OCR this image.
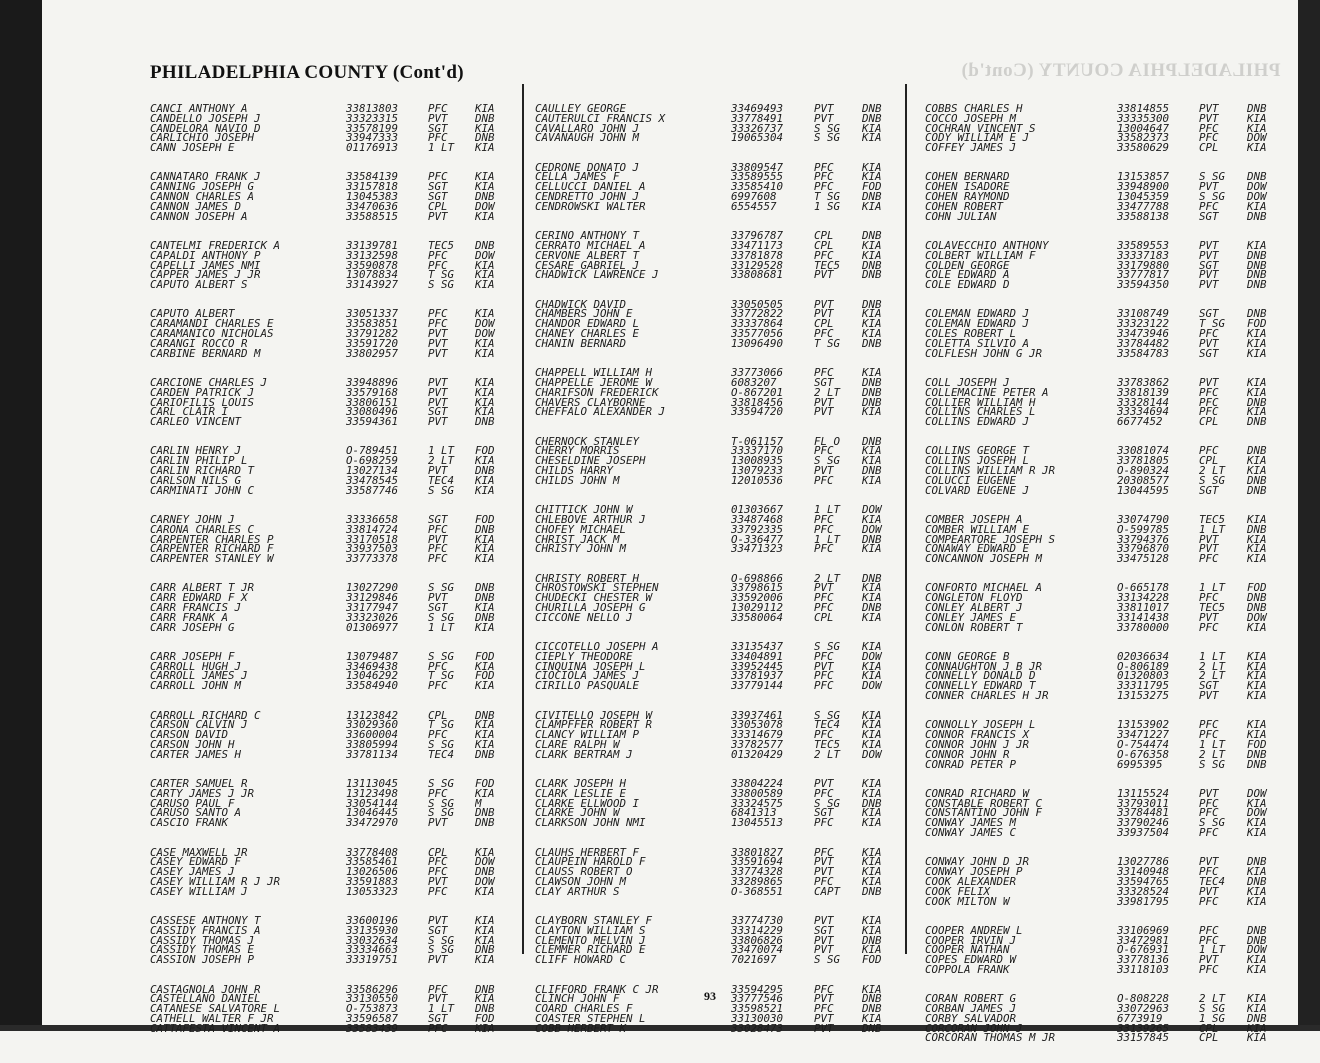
PHILADELPHIA COUNTY (Cont'd)
PHILADELPHIA COUNTY (Cont'd)
CANCI ANTHONY A	33813803	PFC	KIA
CANDELLO JOSEPH J	33323315	PVT	DNB
CANDELORA NAVIO D	33578199	SGT	KIA
CARLICHIO JOSEPH	33947333	PFC	DNB
CANN JOSEPH E	01176913	1 LT	KIA
CANNATARO FRANK J	33584139	PFC	KIA
CANNING JOSEPH G	33157818	SGT	KIA
CANNON CHARLES A	13045383	SGT	DNB
CANNON JAMES D	33470636	CPL	DOW
CANNON JOSEPH A	33588515	PVT	KIA
CANTELMI FREDERICK A	33139781	TEC5	DNB
CAPALDI ANTHONY P	33132598	PFC	DOW
CAPELLI JAMES NMI	33590878	PFC	KIA
CAPPER JAMES J JR	13078834	T SG	KIA
CAPUTO ALBERT S	33143927	S SG	KIA
CAPUTO ALBERT	33051337	PFC	KIA
CARAMANDI CHARLES E	33583851	PFC	DOW
CARAMANICO NICHOLAS	33791282	PVT	DOW
CARANGI ROCCO R	33591720	PVT	KIA
CARBINE BERNARD M	33802957	PVT	KIA
CARCIONE CHARLES J	33948896	PVT	KIA
CARDEN PATRICK J	33579168	PVT	KIA
CARIOFILIS LOUIS	33806151	PVT	KIA
CARL CLAIR I	33080496	SGT	KIA
CARLEO VINCENT	33594361	PVT	DNB
CARLIN HENRY J	O-789451	1 LT	FOD
CARLIN PHILIP L	O-698259	2 LT	KIA
CARLIN RICHARD T	13027134	PVT	DNB
CARLSON NILS G	33478545	TEC4	KIA
CARMINATI JOHN C	33587746	S SG	KIA
CARNEY JOHN J	33336658	SGT	FOD
CARONA CHARLES C	33814724	PFC	DNB
CARPENTER CHARLES P	33170518	PVT	KIA
CARPENTER RICHARD F	33937503	PFC	KIA
CARPENTER STANLEY W	33773378	PFC	KIA
CARR ALBERT T JR	13027290	S SG	DNB
CARR EDWARD F X	33129846	PVT	DNB
CARR FRANCIS J	33177947	SGT	KIA
CARR FRANK A	33323026	S SG	DNB
CARR JOSEPH G	01306977	1 LT	KIA
CARR JOSEPH F	13079487	S SG	FOD
CARROLL HUGH J	33469438	PFC	KIA
CARROLL JAMES J	13046292	T SG	FOD
CARROLL JOHN M	33584940	PFC	KIA
CARROLL RICHARD C	13123842	CPL	DNB
CARSON CALVIN J	33029360	T SG	KIA
CARSON DAVID	33600004	PFC	KIA
CARSON JOHN H	33805994	S SG	KIA
CARTER JAMES H	33781134	TEC4	DNB
CARTER SAMUEL R	13113045	S SG	FOD
CARTY JAMES J JR	13123498	PFC	KIA
CARUSO PAUL F	33054144	S SG	M
CARUSO SANTO A	13046445	S SG	DNB
CASCIO FRANK	33472970	PVT	DNB
CASE MAXWELL JR	33778408	CPL	KIA
CASEY EDWARD F	33585461	PFC	DOW
CASEY JAMES J	13026506	PFC	DNB
CASEY WILLIAM R J JR	33591883	PVT	DOW
CASEY WILLIAM J	13053323	PFC	KIA
CASSESE ANTHONY T	33600196	PVT	KIA
CASSIDY FRANCIS A	33135930	SGT	KIA
CASSIDY THOMAS J	33032634	S SG	KIA
CASSIDY THOMAS E	33334663	S SG	DNB
CASSION JOSEPH P	33319751	PVT	KIA
CASTAGNOLA JOHN R	33586296	PFC	DNB
CASTELLANO DANIEL	33130550	PVT	KIA
CATANESE SALVATORE L	O-753873	1 LT	DNB
CATHELL WALTER F JR	33596587	SGT	FOD
CATTAFESTA VINCENT A	33583439	PFC	KIA
CAULLEY GEORGE	33469493	PVT	DNB
CAUTERULCI FRANCIS X	33778491	PVT	DNB
CAVALLARO JOHN J	33326737	S SG	KIA
CAVANAUGH JOHN M	19065304	S SG	KIA
CEDRONE DONATO J	33809547	PFC	KIA
CELLA JAMES F	33589555	PFC	KIA
CELLUCCI DANIEL A	33585410	PFC	FOD
CENDRETTO JOHN J	6997608	T SG	DNB
CENDROWSKI WALTER	6554557	1 SG	KIA
CERINO ANTHONY T	33796787	CPL	DNB
CERRATO MICHAEL A	33471173	CPL	KIA
CERVONE ALBERT T	33781878	PFC	KIA
CESARE GABRIEL J	33129528	TEC5	DNB
CHADWICK LAWRENCE J	33808681	PVT	DNB
CHADWICK DAVID	33050505	PVT	DNB
CHAMBERS JOHN E	33772822	PVT	KIA
CHANDOR EDWARD L	33337864	CPL	KIA
CHANEY CHARLES E	33577056	PFC	KIA
CHANIN BERNARD	13096490	T SG	DNB
CHAPPELL WILLIAM H	33773066	PFC	KIA
CHAPPELLE JEROME W	6083207	SGT	DNB
CHARIFSON FREDERICK	O-867201	2 LT	DNB
CHAVERS CLAYBORNE	33818456	PVT	DNB
CHEFFALO ALEXANDER J	33594720	PVT	KIA
CHERNOCK STANLEY	T-061157	FL O	DNB
CHERRY MORRIS	33337170	PFC	KIA
CHESELDINE JOSEPH	13008935	S SG	KIA
CHILDS HARRY	13079233	PVT	DNB
CHILDS JOHN M	12010536	PFC	KIA
CHITTICK JOHN W	01303667	1 LT	DOW
CHLEBOVE ARTHUR J	33487468	PFC	KIA
CHOFEY MICHAEL	33792335	PFC	DOW
CHRIST JACK M	O-336477	1 LT	DNB
CHRISTY JOHN M	33471323	PFC	KIA
CHRISTY ROBERT H	O-698866	2 LT	DNB
CHROSTOWSKI STEPHEN	33798615	PVT	KIA
CHUDECKI CHESTER W	33592006	PFC	KIA
CHURILLA JOSEPH G	13029112	PFC	DNB
CICCONE NELLO J	33580064	CPL	KIA
CICCOTELLO JOSEPH A	33135437	S SG	KIA
CIEPLY THEODORE	33404891	PFC	DOW
CINQUINA JOSEPH L	33952445	PVT	KIA
CIOCIOLA JAMES J	33781937	PFC	KIA
CIRILLO PASQUALE	33779144	PFC	DOW
CIVITELLO JOSEPH W	33937461	S SG	KIA
CLAMPFFER ROBERT R	33053078	TEC4	KIA
CLANCY WILLIAM P	33314679	PFC	KIA
CLARE RALPH W	33782577	TEC5	KIA
CLARK BERTRAM J	01320429	2 LT	DOW
CLARK JOSEPH H	33804224	PVT	KIA
CLARK LESLIE E	33800589	PFC	KIA
CLARKE ELLWOOD I	33324575	S SG	DNB
CLARKE JOHN W	6841313	SGT	KIA
CLARKSON JOHN NMI	13045513	PFC	KIA
CLAUHS HERBERT F	33801827	PFC	KIA
CLAUPEIN HAROLD F	33591694	PVT	KIA
CLAUSS ROBERT O	33774328	PVT	KIA
CLAWSON JOHN M	33289865	PFC	KIA
CLAY ARTHUR S	O-368551	CAPT	DNB
CLAYBORN STANLEY F	33774730	PVT	KIA
CLAYTON WILLIAM S	33314229	SGT	KIA
CLEMENTO MELVIN J	33806826	PVT	DNB
CLEMMER RICHARD E	33470074	PVT	KIA
CLIFF HOWARD C	7021697	S SG	FOD
CLIFFORD FRANK C JR	33594295	PFC	KIA
CLINCH JOHN F	33777546	PVT	DNB
COARD CHARLES F	33598521	PFC	DNB
COASTER STEPHEN L	33130030	PVT	KIA
COBB HERBERT K	33028473	PVT	DNB
COBBS CHARLES H	33814855	PVT	DNB
COCCO JOSEPH M	33335300	PVT	KIA
COCHRAN VINCENT S	13004647	PFC	KIA
CODY WILLIAM E J	33582373	PFC	DOW
COFFEY JAMES J	33580629	CPL	KIA
COHEN BERNARD	13153857	S SG	DNB
COHEN ISADORE	33948900	PVT	DOW
COHEN RAYMOND	13045359	S SG	DOW
COHEN ROBERT	33477788	PFC	KIA
COHN JULIAN	33588138	SGT	DNB
COLAVECCHIO ANTHONY	33589553	PVT	KIA
COLBERT WILLIAM F	33337183	PVT	DNB
COLDEN GEORGE	33179880	SGT	DNB
COLE EDWARD A	33777817	PVT	DNB
COLE EDWARD D	33594350	PVT	DNB
COLEMAN EDWARD J	33108749	SGT	DNB
COLEMAN EDWARD J	33323122	T SG	FOD
COLES ROBERT L	33473946	PFC	KIA
COLETTA SILVIO A	33784482	PVT	KIA
COLFLESH JOHN G JR	33584783	SGT	KIA
COLL JOSEPH J	33783862	PVT	KIA
COLLEMACINE PETER A	33818139	PFC	KIA
COLLIER WILLIAM H	33328144	PFC	DNB
COLLINS CHARLES L	33334694	PFC	KIA
COLLINS EDWARD J	6677452	CPL	DNB
COLLINS GEORGE T	33081074	PFC	DNB
COLLINS JOSEPH L	33781805	CPL	KIA
COLLINS WILLIAM R JR	O-890324	2 LT	KIA
COLUCCI EUGENE	20308577	S SG	DNB
COLVARD EUGENE J	13044595	SGT	DNB
COMBER JOSEPH A	33074790	TEC5	KIA
COMBER WILLIAM E	O-599785	1 LT	DNB
COMPEARTORE JOSEPH S	33794376	PVT	KIA
CONAWAY EDWARD E	33796870	PVT	KIA
CONCANNON JOSEPH M	33475128	PFC	KIA
CONFORTO MICHAEL A	O-665178	1 LT	FOD
CONGLETON FLOYD	33134228	PFC	DNB
CONLEY ALBERT J	33811017	TEC5	DNB
CONLEY JAMES E	33141438	PVT	DOW
CONLON ROBERT T	33780000	PFC	KIA
CONN GEORGE B	02036634	1 LT	KIA
CONNAUGHTON J B JR	O-806189	2 LT	KIA
CONNELLY DONALD D	01320803	2 LT	KIA
CONNELLY EDWARD T	33311795	SGT	KIA
CONNER CHARLES H JR	13153275	PVT	KIA
CONNOLLY JOSEPH L	13153902	PFC	KIA
CONNOR FRANCIS X	33471227	PFC	KIA
CONNOR JOHN J JR	O-754474	1 LT	FOD
CONNOR JOHN R	O-676358	2 LT	DNB
CONRAD PETER P	6995395	S SG	DNB
CONRAD RICHARD W	13115524	PVT	DOW
CONSTABLE ROBERT C	33793011	PFC	KIA
CONSTANTINO JOHN F	33784481	PFC	DOW
CONWAY JAMES M	33790246	S SG	KIA
CONWAY JAMES C	33937504	PFC	KIA
CONWAY JOHN D JR	13027786	PVT	DNB
CONWAY JOSEPH P	33140948	PFC	KIA
COOK ALEXANDER	33594765	TEC4	DNB
COOK FELIX	33328524	PVT	KIA
COOK MILTON W	33981795	PFC	KIA
COOPER ANDREW L	33106969	PFC	DNB
COOPER IRVIN J	33472981	PFC	DNB
COOPER NATHAN	O-676931	1 LT	DOW
COPES EDWARD W	33778136	PVT	KIA
COPPOLA FRANK	33118103	PFC	KIA
CORAN ROBERT G	O-808228	2 LT	KIA
CORBAN JAMES J	33072963	S SG	KIA
CORBY SALVADOR	6773919	1 SG	DNB
CORCORAN JOHN J	33139265	CPL	KIA
CORCORAN THOMAS M JR	33157845	CPL	KIA
93
